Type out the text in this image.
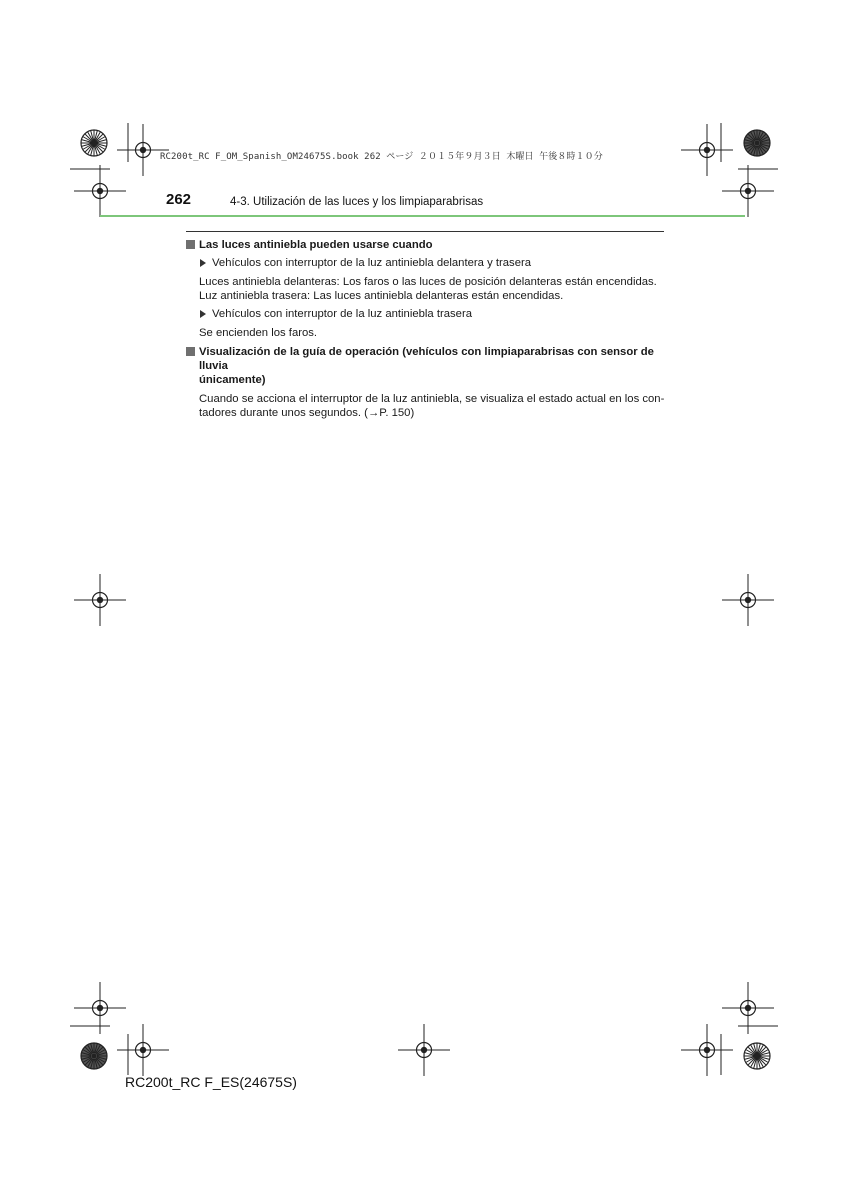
RC200t_RC F_OM_Spanish_OM24675S.book 262 ページ ２０１５年９月３日 木曜日 午後８時１０分
262	4-3. Utilización de las luces y los limpiaparabrisas
Las luces antiniebla pueden usarse cuando
Vehículos con interruptor de la luz antiniebla delantera y trasera
Luces antiniebla delanteras: Los faros o las luces de posición delanteras están encendidas.
Luz antiniebla trasera: Las luces antiniebla delanteras están encendidas.
Vehículos con interruptor de la luz antiniebla trasera
Se encienden los faros.
Visualización de la guía de operación (vehículos con limpiaparabrisas con sensor de lluvia
únicamente)
Cuando se acciona el interruptor de la luz antiniebla, se visualiza el estado actual en los con-
tadores durante unos segundos. (→P. 150)
RC200t_RC F_ES(24675S)
